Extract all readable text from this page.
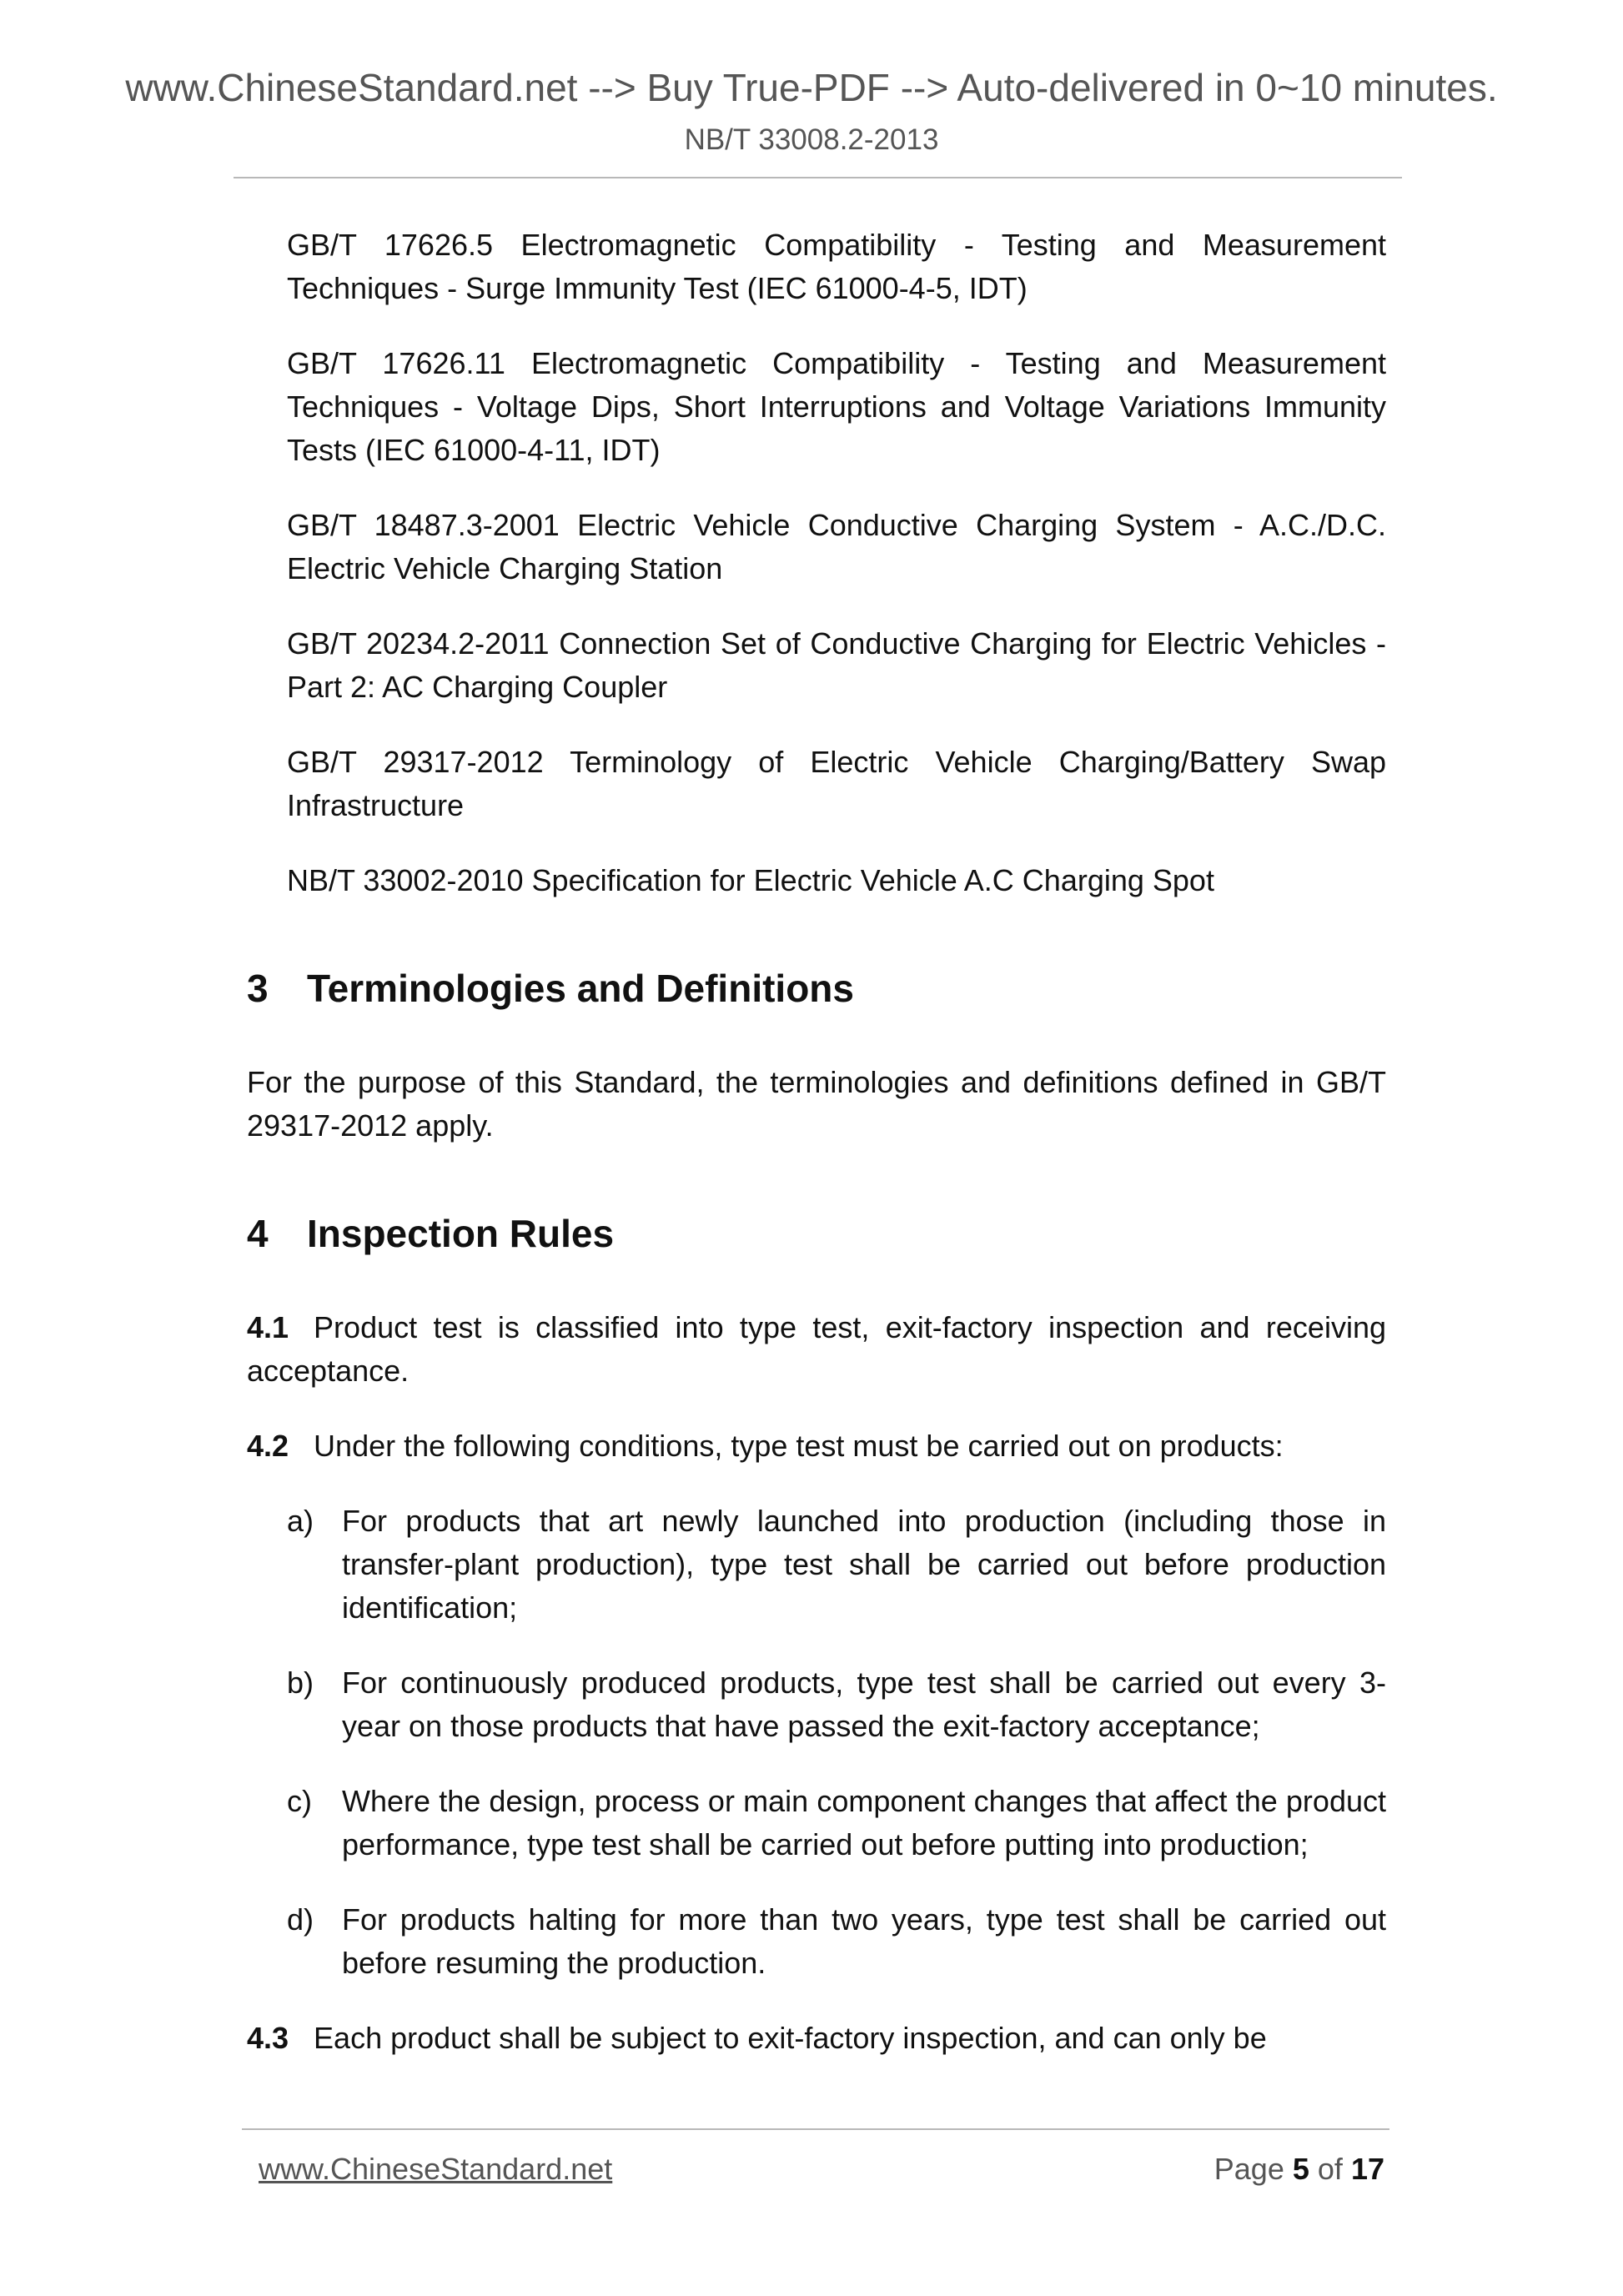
www.ChineseStandard.net --> Buy True-PDF --> Auto-delivered in 0~10 minutes.
NB/T 33008.2-2013

GB/T 17626.5 Electromagnetic Compatibility - Testing and Measurement Techniques - Surge Immunity Test (IEC 61000-4-5, IDT)

GB/T 17626.11 Electromagnetic Compatibility - Testing and Measurement Techniques - Voltage Dips, Short Interruptions and Voltage Variations Immunity Tests (IEC 61000-4-11, IDT)

GB/T 18487.3-2001 Electric Vehicle Conductive Charging System - A.C./D.C. Electric Vehicle Charging Station

GB/T 20234.2-2011 Connection Set of Conductive Charging for Electric Vehicles - Part 2: AC Charging Coupler

GB/T 29317-2012 Terminology of Electric Vehicle Charging/Battery Swap Infrastructure

NB/T 33002-2010 Specification for Electric Vehicle A.C Charging Spot

3 Terminologies and Definitions

For the purpose of this Standard, the terminologies and definitions defined in GB/T 29317-2012 apply.

4 Inspection Rules

4.1 Product test is classified into type test, exit-factory inspection and receiving acceptance.

4.2 Under the following conditions, type test must be carried out on products:

a) For products that art newly launched into production (including those in transfer-plant production), type test shall be carried out before production identification;

b) For continuously produced products, type test shall be carried out every 3-year on those products that have passed the exit-factory acceptance;

c) Where the design, process or main component changes that affect the product performance, type test shall be carried out before putting into production;

d) For products halting for more than two years, type test shall be carried out before resuming the production.

4.3 Each product shall be subject to exit-factory inspection, and can only be

www.ChineseStandard.net	Page 5 of 17
